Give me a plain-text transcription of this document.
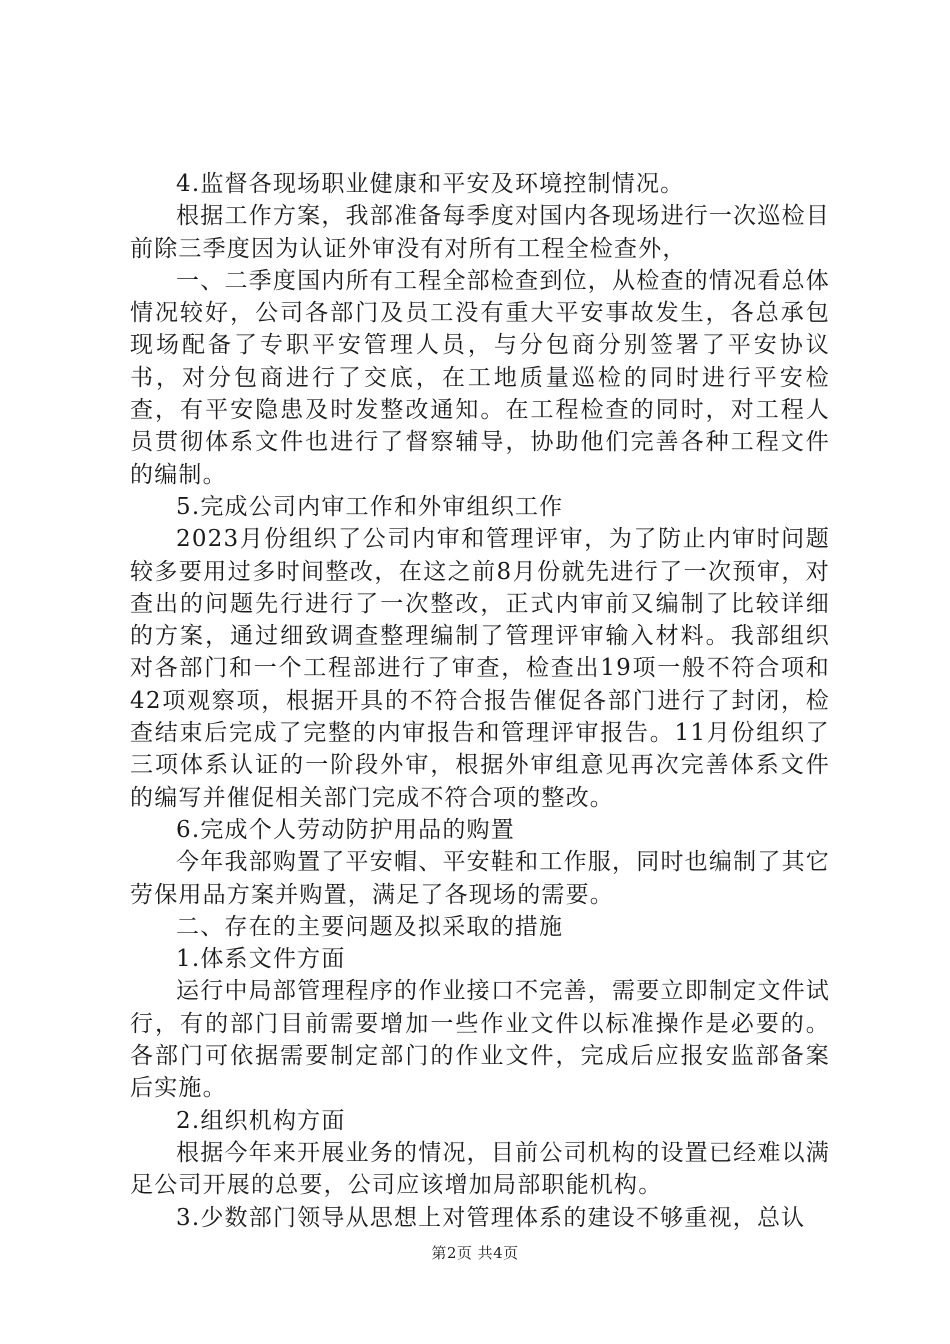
4.监督各现场职业健康和平安及环境控制情况。

根据工作方案，我部准备每季度对国内各现场进行一次巡检目前除三季度因为认证外审没有对所有工程全检查外，

一、二季度国内所有工程全部检查到位，从检查的情况看总体情况较好，公司各部门及员工没有重大平安事故发生，各总承包现场配备了专职平安管理人员，与分包商分别签署了平安协议书，对分包商进行了交底，在工地质量巡检的同时进行平安检查，有平安隐患及时发整改通知。在工程检查的同时，对工程人员贯彻体系文件也进行了督察辅导，协助他们完善各种工程文件的编制。

5.完成公司内审工作和外审组织工作

2023月份组织了公司内审和管理评审，为了防止内审时问题较多要用过多时间整改，在这之前8月份就先进行了一次预审，对查出的问题先行进行了一次整改，正式内审前又编制了比较详细的方案，通过细致调查整理编制了管理评审输入材料。我部组织对各部门和一个工程部进行了审查，检查出19项一般不符合项和42项观察项，根据开具的不符合报告催促各部门进行了封闭，检查结束后完成了完整的内审报告和管理评审报告。11月份组织了三项体系认证的一阶段外审，根据外审组意见再次完善体系文件的编写并催促相关部门完成不符合项的整改。

6.完成个人劳动防护用品的购置

今年我部购置了平安帽、平安鞋和工作服，同时也编制了其它劳保用品方案并购置，满足了各现场的需要。

二、存在的主要问题及拟采取的措施

1.体系文件方面

运行中局部管理程序的作业接口不完善，需要立即制定文件试行，有的部门目前需要增加一些作业文件以标准操作是必要的。各部门可依据需要制定部门的作业文件，完成后应报安监部备案后实施。

2.组织机构方面

根据今年来开展业务的情况，目前公司机构的设置已经难以满足公司开展的总要，公司应该增加局部职能机构。

3.少数部门领导从思想上对管理体系的建设不够重视，总认

第2页 共4页
